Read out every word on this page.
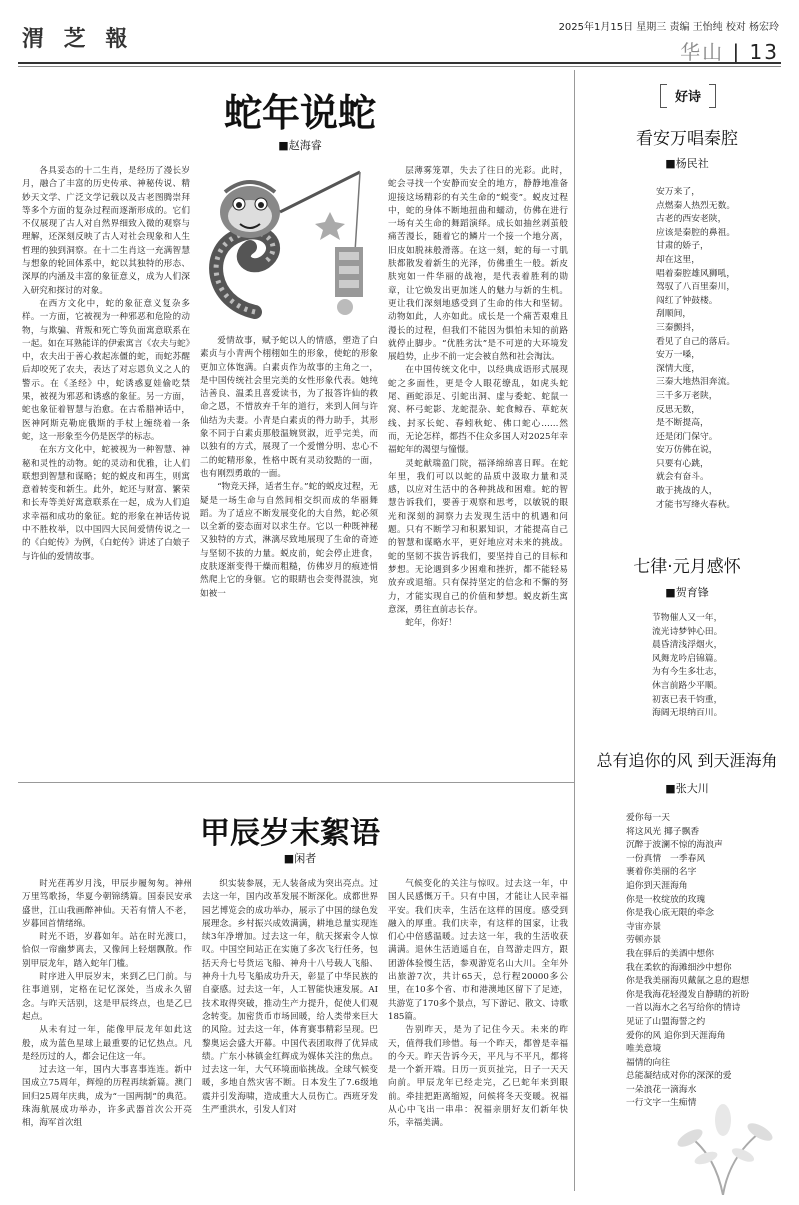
渭 芝 報	2025年1月15日 星期三 责编 王怡纯 校对 杨宏玲
华山 | 13
蛇年说蛇
■赵海睿

各具妥态的十二生肖，是经历了漫长岁月，融合了丰富的历史传承、神秘传说、精妙天文学、广泛文学记载以及古老图腾崇拜等多个方面的复杂过程而逐渐形成的。它们不仅展现了古人对自然界细致入微的观察与理解，还深刻反映了古人对社会现象和人生哲理的独到洞察。在十二生肖这一充满智慧与想象的轮回体系中，蛇以其独特的形态、深厚的内涵及丰富的象征意义，成为人们深入研究和探讨的对象。

在西方文化中，蛇的象征意义复杂多样。一方面，它被视为一种邪恶和危险的动物，与欺骗、背叛和死亡等负面寓意联系在一起。如在耳熟能详的伊索寓言《农夫与蛇》中，农夫出于善心救起冻僵的蛇，而蛇苏醒后却咬死了农夫，表达了对忘恩负义之人的警示。在《圣经》中，蛇诱惑夏娃偷吃禁果，被视为邪恶和诱惑的象征。另一方面，蛇也象征着智慧与治愈。在古希腊神话中，医神阿斯克勒庇俄斯的手杖上缠绕着一条蛇，这一形象至今仍是医学的标志。

在东方文化中，蛇被视为一种智慧、神秘和灵性的动物。蛇的灵动和优雅，让人们联想到智慧和谋略；蛇的蜕皮和再生，则寓意着转变和新生。此外，蛇还与财富、繁荣和长寿等美好寓意联系在一起，成为人们追求幸福和成功的象征。蛇的形象在神话传说中不胜枚举，以中国四大民间爱情传说之一的《白蛇传》为例，《白蛇传》讲述了白娘子与许仙的爱情故事。

爱情故事，赋予蛇以人的情感，塑造了白素贞与小青两个栩栩如生的形象，使蛇的形象更加立体饱满。白素贞作为故事的主角之一，是中国传统社会里完美的女性形象代表。她纯洁善良、温柔且喜爱读书，为了报答许仙的救命之恩，不惜放弃千年的道行，来到人间与许仙结为夫妻。小青是白素贞的得力助手，其形象不同于白素贞那般温婉贤淑，近乎完美，而以独有的方式，展现了一个爱憎分明、忠心不二的蛇精形象，性格中既有灵动狡黠的一面，也有刚烈勇敢的一面。

“物竞天择，适者生存。”蛇的蜕皮过程，无疑是一场生命与自然间相交织而成的华丽舞蹈。为了适应不断发展变化的大自然，蛇必须以全新的姿态面对以求生存。它以一种既神秘又独特的方式，淋漓尽致地展现了生命的奇迹与坚韧不拔的力量。蜕皮前，蛇会停止进食，皮肤逐渐变得干燥而粗糙，仿佛岁月的痕迹悄然爬上它的身躯。它的眼睛也会变得混浊，宛如被一

层薄雾笼罩，失去了往日的光彩。此时，蛇会寻找一个安静而安全的地方，静静地准备迎接这场精彩的有关生命的“蜕变”。蜕皮过程中，蛇的身体不断地扭曲和蠕动，仿佛在进行一场有关生命的舞蹈演绎。成长如抽丝剥茧般痛苦漫长，随着它的鳞片一个接一个地分离，旧皮如脱袜般滑落。在这一刻，蛇的每一寸肌肤都散发着新生的光泽，仿佛重生一般。新皮肤宛如一件华丽的战袍，是代表着胜利的勋章，让它焕发出更加迷人的魅力与新的生机。更让我们深刻地感受到了生命的伟大和坚韧。动物如此，人亦如此。成长是一个痛苦艰难且漫长的过程，但我们不能因为惧怕未知的前路就停止脚步。“优胜劣汰”是不可逆的大环境发展趋势，止步不前一定会被自然和社会淘汰。

在中国传统文化中，以经典成语形式展现蛇之多面性，更是令人眼花缭乱，如虎头蛇尾、画蛇添足、引蛇出洞、虚与委蛇、蛇鼠一窝、杯弓蛇影、龙蛇混杂、蛇食鲸吞、草蛇灰线、封豕长蛇、春蚓秋蛇、佛口蛇心……然而，无论怎样，都挡不住众多国人对2025年幸福蛇年的渴望与憧憬。

灵蛇献瑞盈门院，福泽绵绵喜日晖。在蛇年里，我们可以以蛇的品质中汲取力量和灵感，以应对生活中的各种挑战和困难。蛇的智慧告诉我们，要善于观察和思考，以敏锐的眼光和深刻的洞察力去发现生活中的机遇和问题。只有不断学习和积累知识，才能提高自己的智慧和谋略水平，更好地应对未来的挑战。蛇的坚韧不拔告诉我们，要坚持自己的目标和梦想。无论遇到多少困难和挫折，都不能轻易放弃或退缩。只有保持坚定的信念和不懈的努力，才能实现自己的价值和梦想。蜕皮新生寓意深，勇往直前志长存。

蛇年，你好！

甲辰岁末絮语
■闲者

时光荏苒岁月浅，甲辰步履匆匆。神州万里笃歌扬，华夏今朝锦绣篇。国泰民安承盛世，江山我画醉神仙。天若有情人不老，岁暮回首情绪绵。

时光不语，岁暮如年。站在时光渡口，恰似一帘幽梦离去，又像间上轻烟飘散。作别甲辰龙年，踏入蛇年门槛。

时序进入甲辰岁末，来到乙巳门前。与往事道别，定格在记忆深处，当成永久留念。与昨天活别，这是甲辰终点，也是乙巳起点。

从未有过一年，能像甲辰龙年如此这般，成为蓝色星球上最重要的记忆热点。凡是经历过的人，都会记住这一年。

过去这一年，国内大事喜事连连。新中国成立75周年，辉煌的历程再续新篇。澳门回归25周年庆典，成为“一国两制”的典范。珠海航展成功举办，许多武器首次公开亮相，海军首次组

织实装参展，无人装备成为突出亮点。过去这一年，国内改革发展不断深化。成都世界园艺博览会的成功举办，展示了中国的绿色发展理念。乡村振兴成效满满，耕地总量实现连续3年净增加。过去这一年，航天探索令人惊叹。中国空间站正在实施了多次飞行任务，包括天舟七号货运飞船、神舟十八号载人飞船、神舟十九号飞船成功升天，彰显了中华民族的自豪感。过去这一年，人工智能快速发展。AI技术取得突破，推动生产力提升，促使人们观念转变。加密货币市场回暖，给人类带来巨大的风险。过去这一年，体育赛事精彩呈现。巴黎奥运会盛大开幕。中国代表团取得了优异成绩。广东小林镇金红辉成为媒体关注的焦点。过去这一年，大气环境面临挑战。全球气候变暖，多地自然灾害不断。日本发生了7.6级地震并引发海啸，造成重大人员伤亡。西班牙发生严重洪水，引发人们对

气候变化的关注与惊叹。过去这一年，中国人民感慨万千。只有中国，才能让人民幸福平安。我们庆幸，生活在这样的国度。感受到融入的厚重。我们庆幸，有这样的国家，让我们心中倍感温暖。过去这一年，我的生活收获满满。退休生活逍遥自在，自驾游走四方，跟团游体验慢生活，参观游览名山大川。全年外出旅游7次，共计65天，总行程20000多公里，在10多个省、市和港澳地区留下了足迹，共游览了170多个景点，写下游记、散文、诗歌185篇。

告别昨天，是为了记住今天。未来的昨天，值得我们珍惜。每一个昨天，都曾是幸福的今天。昨天告诉今天，平凡与不平凡，都将是一个新开端。日历一页页扯完，日子一天天向前。甲辰龙年已经走完，乙巳蛇年来到眼前。牵挂把距离缩短，问候将冬天变暖。祝福从心中飞出一串串：祝福亲朋好友们新年快乐，幸福美满。

好诗
看安万唱秦腔
■杨民社
安万来了，
点燃秦人热烈无数。
古老的西安老陕，
应该是秦腔的鼻祖。
甘肃的娇子，
却在这里，
唱着秦腔雄风狮吼，
驾驭了八百里秦川，
闯红了钟鼓楼。
刮顺间，
三秦颤抖，
看见了自己的落后。
安万一嗓，
深情大度，
三秦大地热泪奔流。
三千多万老陕，
反思无数，
是不断提高，
还是闭门保守。
安万仿佛在说，
只要有心跳，
就会有奋斗。
敢于挑战的人，
才能书写绛火春秋。
七律·元月感怀
■贺育锋
节物催人又一年，
流光诗梦钟心田。
晨昏清浅浮烟火，
风舞龙吟启锦篇。
为有今生多壮志，
休言前路少平顺。
初衷已表千钧重，
海阔无垠纳百川。
总有追你的风 到天涯海角
■张大川
爱你每一天
将这风光 揶子飘香
沉醉于波澜不惊的海浪声
一份真情　一季春风
裹着你美丽的名字
追你到天涯海角
你是一枚绽放的玫瑰
你是我心底无限的牵念
寺宙亦景
劳顿亦景
我在驿后的美酒中想你
我在柔软的海滩细沙中想你
你是我美丽海贝戴氤之息的遐想
你是我海花轻漫发自静睛的祈盼
一首以海水之名写给你的情诗
见证了山盟海誓之约
爱你的风 追你到天涯海角
唯美意境
福情的向往
总能凝结成对你的深深的爱
一朵浪花一滴海水
一行文字一生痴情
